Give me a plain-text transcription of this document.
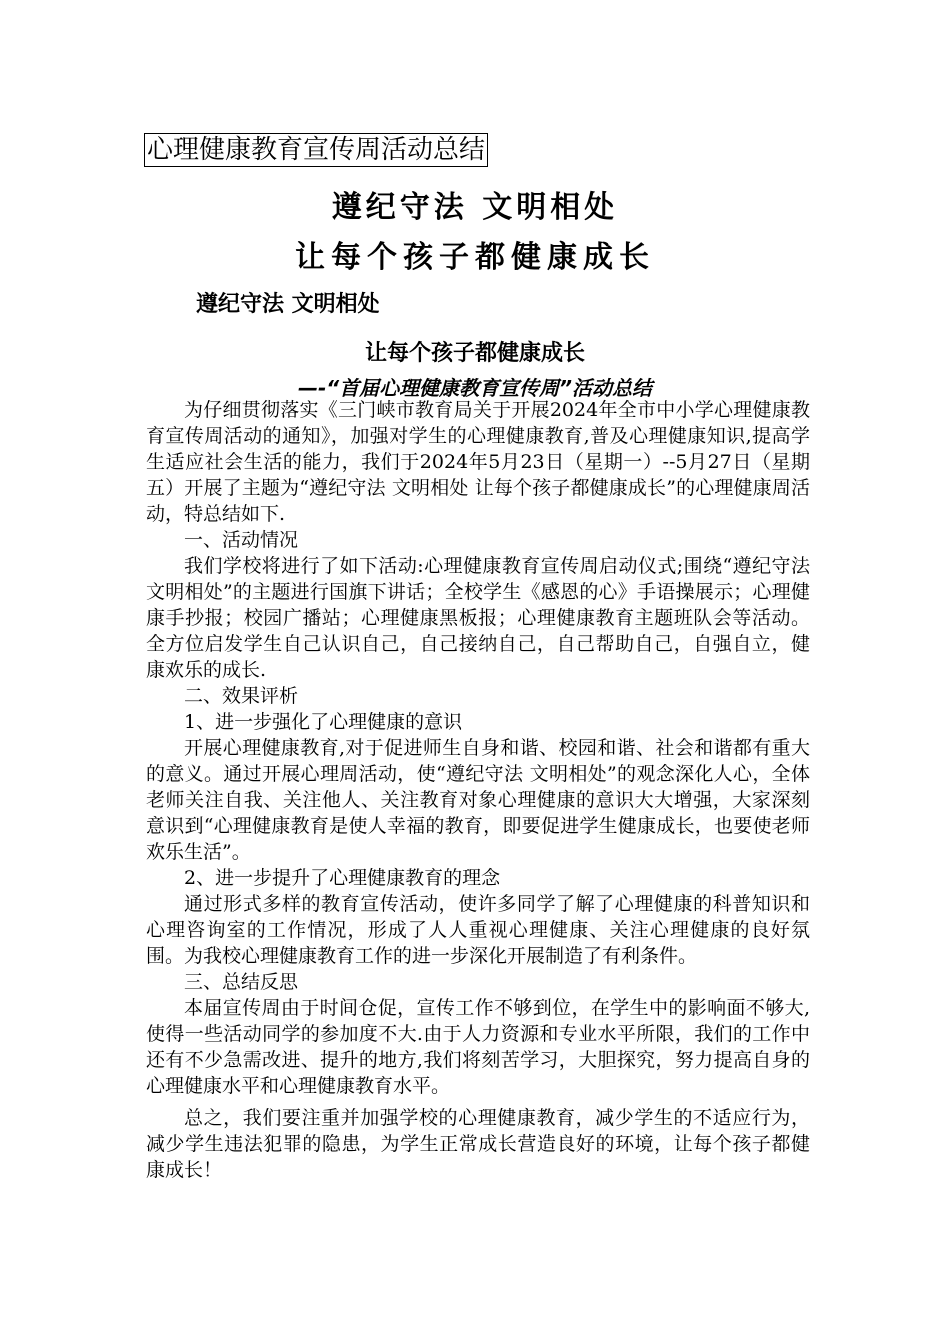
心理健康教育宣传周活动总结
遵纪守法 文明相处
让每个孩子都健康成长
遵纪守法 文明相处
让每个孩子都健康成长
—-“首届心理健康教育宣传周”活动总结

为仔细贯彻落实《三门峡市教育局关于开展2024年全市中小学心理健康教育宣传周活动的通知》，加强对学生的心理健康教育,普及心理健康知识,提高学生适应社会生活的能力，我们于2024年5月23日（星期一）--5月27日（星期五）开展了主题为“遵纪守法 文明相处 让每个孩子都健康成长”的心理健康周活动，特总结如下.

一、活动情况

我们学校将进行了如下活动:心理健康教育宣传周启动仪式;围绕“遵纪守法 文明相处”的主题进行国旗下讲话；全校学生《感恩的心》手语操展示；心理健康手抄报；校园广播站；心理健康黑板报；心理健康教育主题班队会等活动。全方位启发学生自己认识自己，自己接纳自己，自己帮助自己，自强自立，健康欢乐的成长.

二、效果评析

1、进一步强化了心理健康的意识

开展心理健康教育,对于促进师生自身和谐、校园和谐、社会和谐都有重大的意义。通过开展心理周活动，使“遵纪守法 文明相处”的观念深化人心，全体老师关注自我、关注他人、关注教育对象心理健康的意识大大增强，大家深刻意识到“心理健康教育是使人幸福的教育，即要促进学生健康成长，也要使老师欢乐生活”。

2、进一步提升了心理健康教育的理念

通过形式多样的教育宣传活动，使许多同学了解了心理健康的科普知识和心理咨询室的工作情况，形成了人人重视心理健康、关注心理健康的良好氛围。为我校心理健康教育工作的进一步深化开展制造了有利条件。

三、总结反思

本届宣传周由于时间仓促，宣传工作不够到位，在学生中的影响面不够大,使得一些活动同学的参加度不大.由于人力资源和专业水平所限，我们的工作中还有不少急需改进、提升的地方,我们将刻苦学习，大胆探究，努力提高自身的心理健康水平和心理健康教育水平。

总之，我们要注重并加强学校的心理健康教育，减少学生的不适应行为，减少学生违法犯罪的隐患，为学生正常成长营造良好的环境，让每个孩子都健康成长！
